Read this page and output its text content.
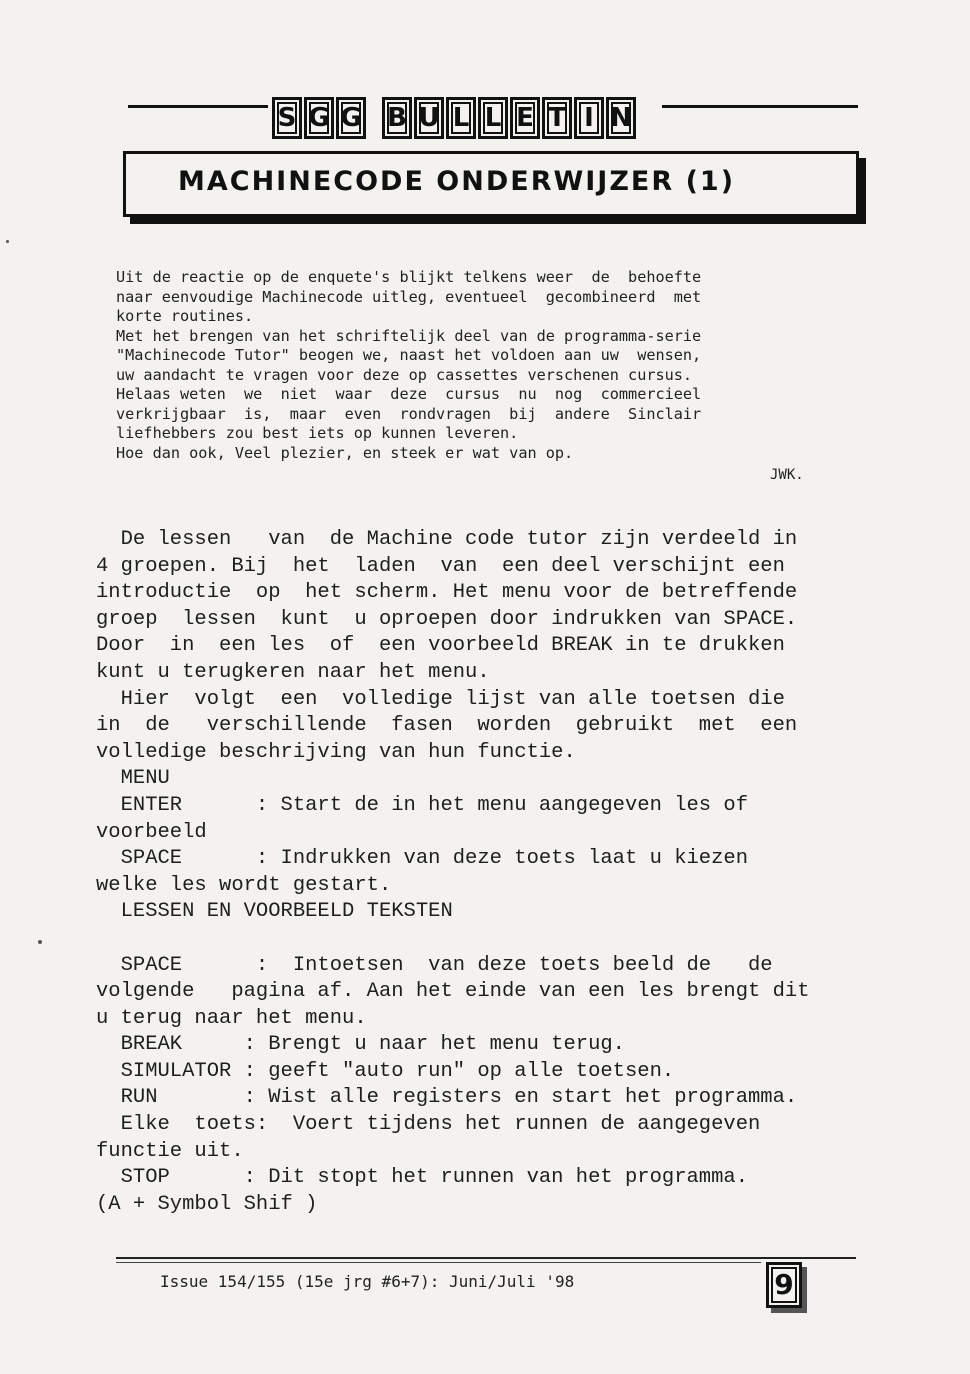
S G G B U L L E T I N
MACHINECODE ONDERWIJZER (1)
Uit de reactie op de enquete's blijkt telkens weer  de  behoefte
naar eenvoudige Machinecode uitleg, eventueel  gecombineerd  met
korte routines.
Met het brengen van het schriftelijk deel van de programma-serie
"Machinecode Tutor" beogen we, naast het voldoen aan uw  wensen,
uw aandacht te vragen voor deze op cassettes verschenen cursus.
Helaas weten  we  niet  waar  deze  cursus  nu  nog  commercieel
verkrijgbaar  is,  maar  even  rondvragen  bij  andere  Sinclair
liefhebbers zou best iets op kunnen leveren.
Hoe dan ook, Veel plezier, en steek er wat van op.
JWK.
De lessen   van  de Machine code tutor zijn verdeeld in
4 groepen. Bij  het  laden  van  een deel verschijnt een
introductie  op  het scherm. Het menu voor de betreffende
groep  lessen  kunt  u oproepen door indrukken van SPACE.
Door  in  een les  of  een voorbeeld BREAK in te drukken
kunt u terugkeren naar het menu.
Hier  volgt  een  volledige lijst van alle toetsen die
in  de   verschillende  fasen  worden  gebruikt  met  een
volledige beschrijving van hun functie.
MENU
ENTER      : Start de in het menu aangegeven les of
voorbeeld
SPACE      : Indrukken van deze toets laat u kiezen
welke les wordt gestart.
LESSEN EN VOORBEELD TEKSTEN
SPACE      :  Intoetsen  van deze toets beeld de   de
volgende   pagina af. Aan het einde van een les brengt dit
u terug naar het menu.
BREAK     : Brengt u naar het menu terug.
SIMULATOR : geeft "auto run" op alle toetsen.
RUN       : Wist alle registers en start het programma.
Elke  toets:  Voert tijdens het runnen de aangegeven
functie uit.
STOP      : Dit stopt het runnen van het programma.
(A + Symbol Shif )
Issue 154/155 (15e jrg #6+7): Juni/Juli '98	9
